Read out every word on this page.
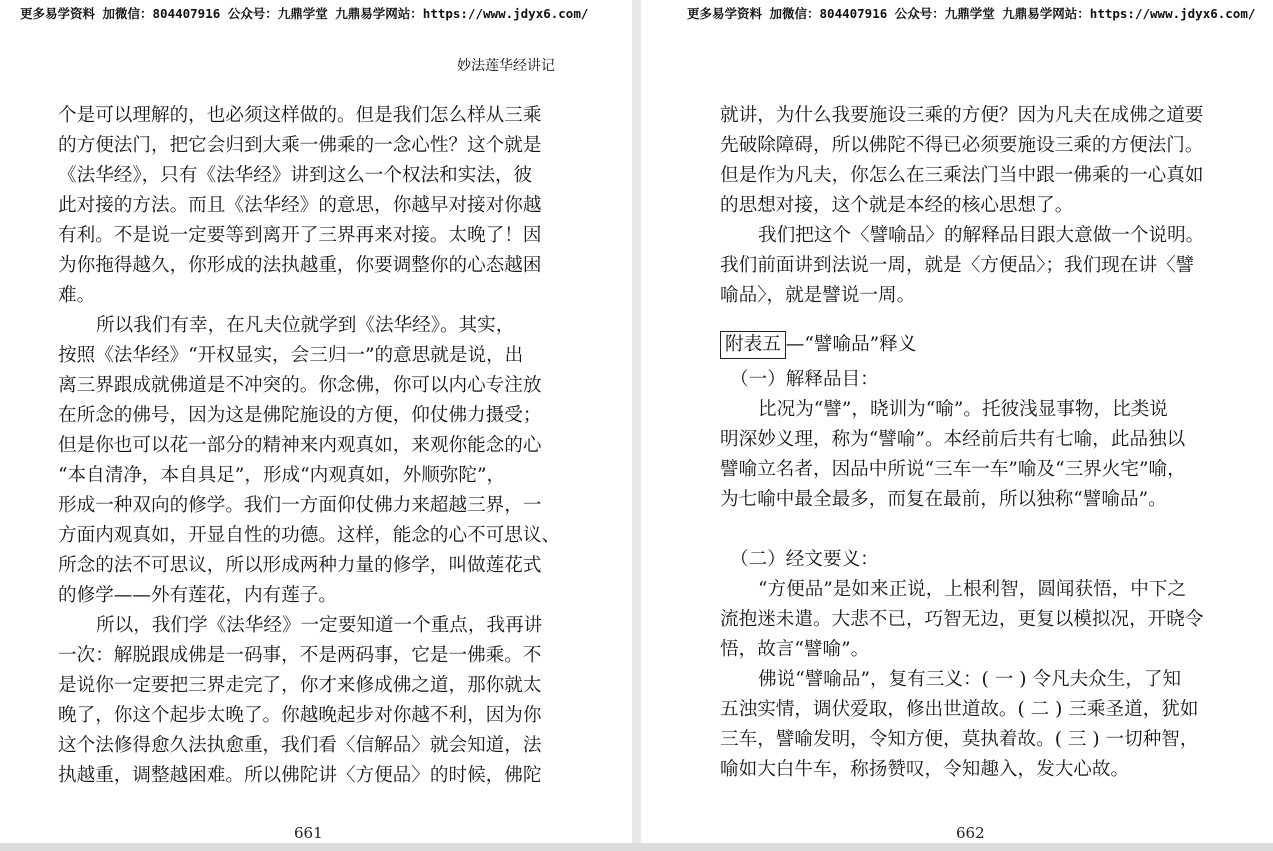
更多易学资料 加微信：804407916 公众号：九鼎学堂 九鼎易学网站：https://www.jdyx6.com/
妙法莲华经讲记
个是可以理解的，也必须这样做的。但是我们怎么样从三乘
的方便法门，把它会归到大乘一佛乘的一念心性？这个就是
《法华经》，只有《法华经》讲到这么一个权法和实法，彼
此对接的方法。而且《法华经》的意思，你越早对接对你越
有利。不是说一定要等到离开了三界再来对接。太晚了！因
为你拖得越久，你形成的法执越重，你要调整你的心态越困
难。
所以我们有幸，在凡夫位就学到《法华经》。其实，
按照《法华经》“开权显实，会三归一”的意思就是说，出
离三界跟成就佛道是不冲突的。你念佛，你可以内心专注放
在所念的佛号，因为这是佛陀施设的方便，仰仗佛力摄受；
但是你也可以花一部分的精神来内观真如，来观你能念的心
“本自清净，本自具足”，形成“内观真如，外顺弥陀”，
形成一种双向的修学。我们一方面仰仗佛力来超越三界，一
方面内观真如，开显自性的功德。这样，能念的心不可思议、
所念的法不可思议，所以形成两种力量的修学，叫做莲花式
的修学——外有莲花，内有莲子。
所以，我们学《法华经》一定要知道一个重点，我再讲
一次：解脱跟成佛是一码事，不是两码事，它是一佛乘。不
是说你一定要把三界走完了，你才来修成佛之道，那你就太
晚了，你这个起步太晚了。你越晚起步对你越不利，因为你
这个法修得愈久法执愈重，我们看〈信解品〉就会知道，法
执越重，调整越困难。所以佛陀讲〈方便品〉的时候，佛陀
661
更多易学资料 加微信：804407916 公众号：九鼎学堂 九鼎易学网站：https://www.jdyx6.com/
就讲，为什么我要施设三乘的方便？因为凡夫在成佛之道要
先破除障碍，所以佛陀不得已必须要施设三乘的方便法门。
但是作为凡夫，你怎么在三乘法门当中跟一佛乘的一心真如
的思想对接，这个就是本经的核心思想了。
我们把这个〈譬喻品〉的解释品目跟大意做一个说明。
我们前面讲到法说一周，就是〈方便品〉；我们现在讲〈譬
喻品〉，就是譬说一周。
附表五 — “譬喻品”释义
（一）解释品目：
比况为“譬”，晓训为“喻”。托彼浅显事物，比类说
明深妙义理，称为“譬喻”。本经前后共有七喻，此品独以
譬喻立名者，因品中所说“三车一车”喻及“三界火宅”喻，
为七喻中最全最多，而复在最前，所以独称“譬喻品”。
（二）经文要义：
“方便品”是如来正说，上根利智，圆闻获悟，中下之
流抱迷未遣。大悲不已，巧智无边，更复以模拟况，开晓令
悟，故言“譬喻”。
佛说“譬喻品”，复有三义：( 一 ) 令凡夫众生，了知
五浊实情，调伏爱取，修出世道故。( 二 ) 三乘圣道，犹如
三车，譬喻发明，令知方便，莫执着故。( 三 ) 一切种智，
喻如大白牛车，称扬赞叹，令知趣入，发大心故。
662
